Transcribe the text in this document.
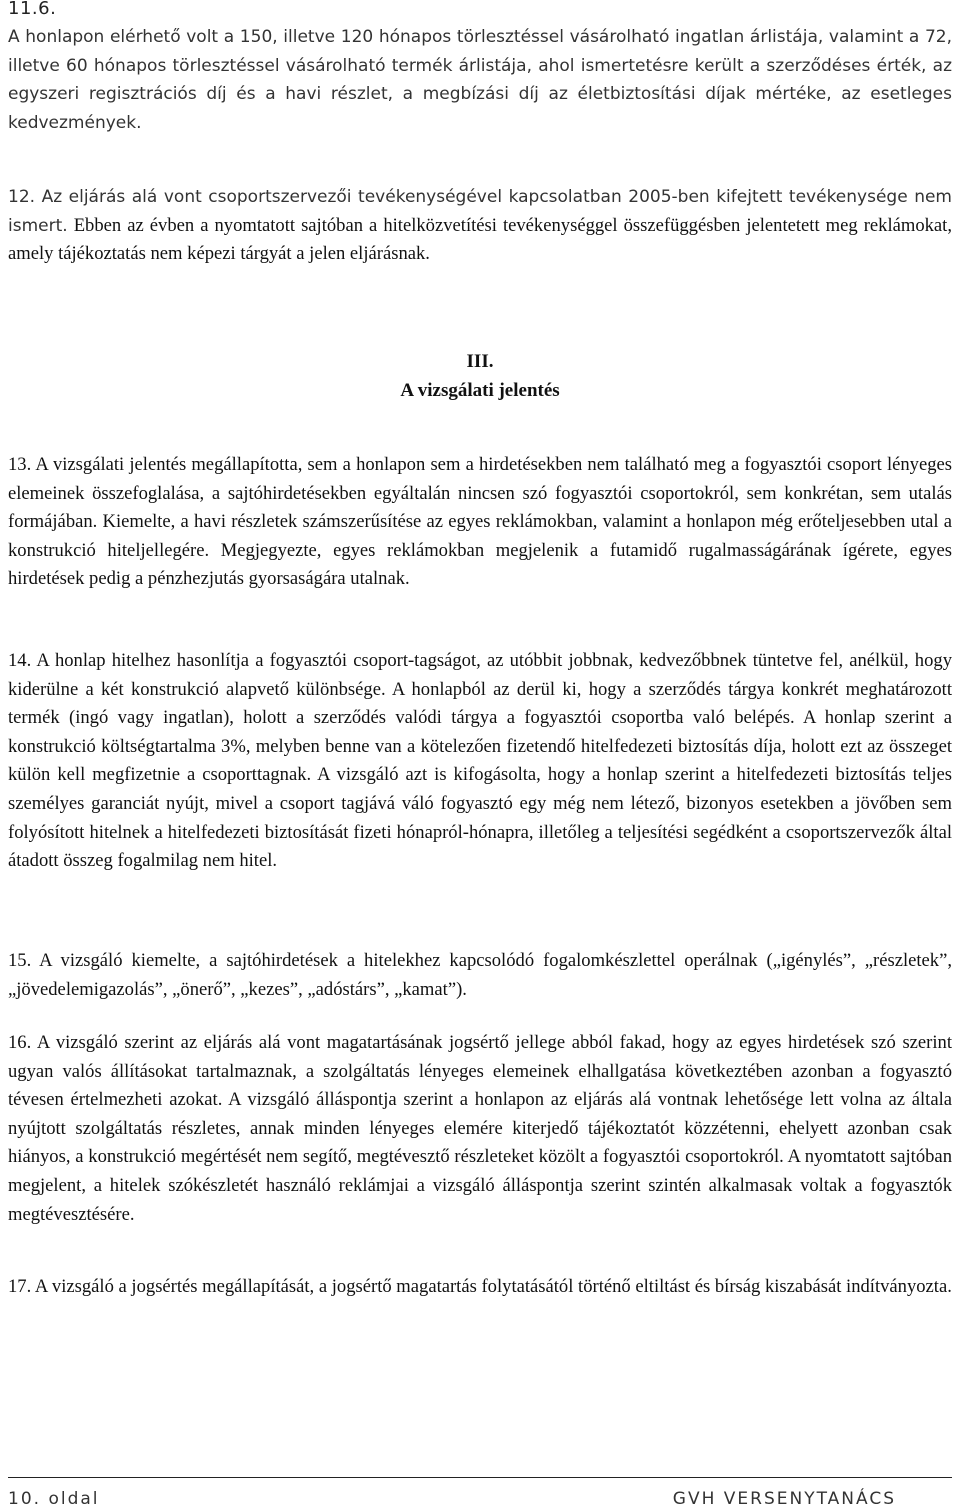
11.6.

A honlapon elérhető volt a 150, illetve 120 hónapos törlesztéssel vásárolható ingatlan árlistája, valamint a 72, illetve 60 hónapos törlesztéssel vásárolható termék árlistája, ahol ismertetésre került a szerződéses érték, az egyszeri regisztrációs díj és a havi részlet, a megbízási díj az életbiztosítási díjak mértéke, az esetleges kedvezmények.

12. Az eljárás alá vont csoportszervezői tevékenységével kapcsolatban 2005-ben kifejtett tevékenysége nem ismert. Ebben az évben a nyomtatott sajtóban a hitelközvetítési tevékenységgel összefüggésben jelentetett meg reklámokat, amely tájékoztatás nem képezi tárgyát a jelen eljárásnak.

III.

A vizsgálati jelentés

13. A vizsgálati jelentés megállapította, sem a honlapon sem a hirdetésekben nem található meg a fogyasztói csoport lényeges elemeinek összefoglalása, a sajtóhirdetésekben egyáltalán nincsen szó fogyasztói csoportokról, sem konkrétan, sem utalás formájában. Kiemelte, a havi részletek számszerűsítése az egyes reklámokban, valamint a honlapon még erőteljesebben utal a konstrukció hiteljellegére. Megjegyezte, egyes reklámokban megjelenik a futamidő rugalmasságárának ígérete, egyes hirdetések pedig a pénzhezjutás gyorsaságára utalnak.

14. A honlap hitelhez hasonlítja a fogyasztói csoport-tagságot, az utóbbit jobbnak, kedvezőbbnek tüntetve fel, anélkül, hogy kiderülne a két konstrukció alapvető különbsége. A honlapból az derül ki, hogy a szerződés tárgya konkrét meghatározott termék (ingó vagy ingatlan), holott a szerződés valódi tárgya a fogyasztói csoportba való belépés. A honlap szerint a konstrukció költségtartalma 3%, melyben benne van a kötelezően fizetendő hitelfedezeti biztosítás díja, holott ezt az összeget külön kell megfizetnie a csoporttagnak. A vizsgáló azt is kifogásolta, hogy a honlap szerint a hitelfedezeti biztosítás teljes személyes garanciát nyújt, mivel a csoport tagjává váló fogyasztó egy még nem létező, bizonyos esetekben a jövőben sem folyósított hitelnek a hitelfedezeti biztosítását fizeti hónapról-hónapra, illetőleg a teljesítési segédként a csoportszervezők által átadott összeg fogalmilag nem hitel.

15. A vizsgáló kiemelte, a sajtóhirdetések a hitelekhez kapcsolódó fogalomkészlettel operálnak („igénylés”, „részletek”, „jövedelemigazolás”, „önerő”, „kezes”, „adóstárs”, „kamat”).

16. A vizsgáló szerint az eljárás alá vont magatartásának jogsértő jellege abból fakad, hogy az egyes hirdetések szó szerint ugyan valós állításokat tartalmaznak, a szolgáltatás lényeges elemeinek elhallgatása következtében azonban a fogyasztó tévesen értelmezheti azokat. A vizsgáló álláspontja szerint a honlapon az eljárás alá vontnak lehetősége lett volna az általa nyújtott szolgáltatás részletes, annak minden lényeges elemére kiterjedő tájékoztatót közzétenni, ehelyett azonban csak hiányos, a konstrukció megértését nem segítő, megtévesztő részleteket közölt a fogyasztói csoportokról. A nyomtatott sajtóban megjelent, a hitelek szókészletét használó reklámjai a vizsgáló álláspontja szerint szintén alkalmasak voltak a fogyasztók megtévesztésére.

17. A vizsgáló a jogsértés megállapítását, a jogsértő magatartás folytatásától történő eltiltást és bírság kiszabását indítványozta.

10. oldal	GVH VERSENYTANÁCS
